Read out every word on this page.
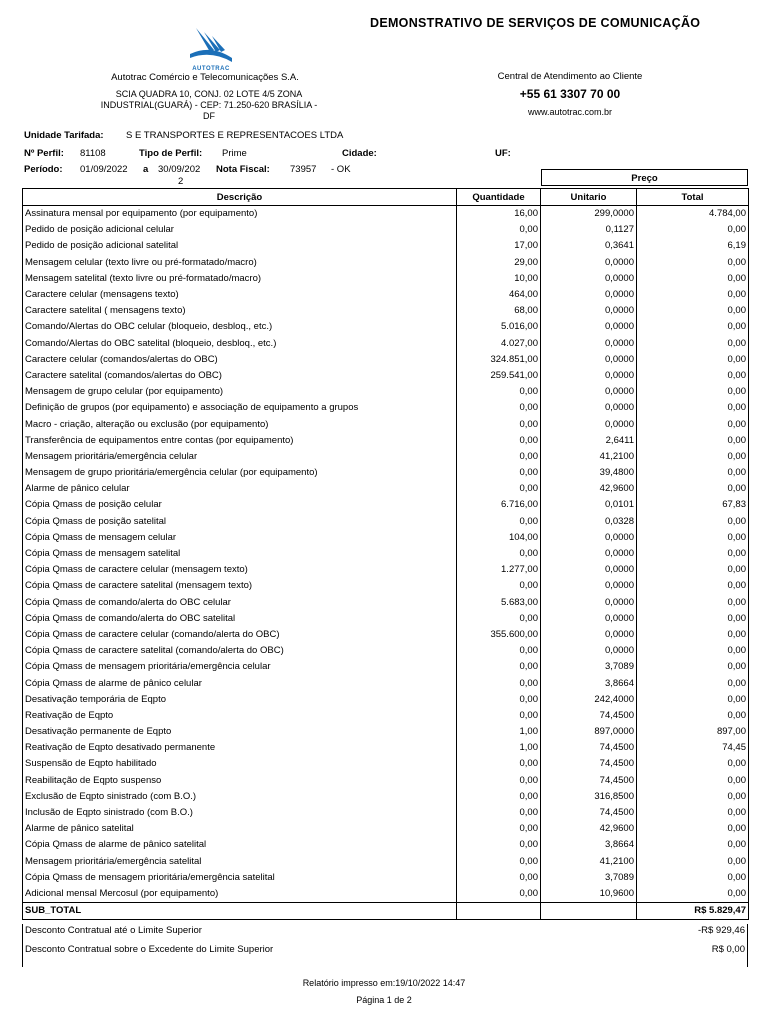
AUTOTRAC
DEMONSTRATIVO DE SERVIÇOS DE COMUNICAÇÃO
Autotrac Comércio e Telecomunicações S.A.
SCIA QUADRA 10, CONJ. 02 LOTE 4/5 ZONA
INDUSTRIAL(GUARÁ) - CEP: 71.250-620 BRASÍLIA -
DF
Central de Atendimento ao Cliente
+55 61 3307 70 00
www.autotrac.com.br
Unidade Tarifada: S E TRANSPORTES E REPRESENTACOES LTDA
Nº Perfil: 81108	Tipo de Perfil: Prime	Cidade:	UF:
Período: 01/09/2022 a 30/09/202
2
Nota Fiscal: 73957 - OK
Preço
Descrição	Quantidade	Unitario	Total
Assinatura mensal por equipamento (por equipamento)	16,00	299,0000	4.784,00
Pedido de posição adicional celular	0,00	0,1127	0,00
Pedido de posição adicional satelital	17,00	0,3641	6,19
Mensagem celular (texto livre ou pré-formatado/macro)	29,00	0,0000	0,00
Mensagem satelital (texto livre ou pré-formatado/macro)	10,00	0,0000	0,00
Caractere celular (mensagens texto)	464,00	0,0000	0,00
Caractere satelital ( mensagens texto)	68,00	0,0000	0,00
Comando/Alertas do OBC celular (bloqueio, desbloq., etc.)	5.016,00	0,0000	0,00
Comando/Alertas do OBC satelital (bloqueio, desbloq., etc.)	4.027,00	0,0000	0,00
Caractere celular (comandos/alertas do OBC)	324.851,00	0,0000	0,00
Caractere satelital (comandos/alertas do OBC)	259.541,00	0,0000	0,00
Mensagem de grupo celular (por equipamento)	0,00	0,0000	0,00
Definição de grupos (por equipamento) e associação de equipamento a grupos	0,00	0,0000	0,00
Macro - criação, alteração ou exclusão (por equipamento)	0,00	0,0000	0,00
Transferência de equipamentos entre contas (por equipamento)	0,00	2,6411	0,00
Mensagem prioritária/emergência celular	0,00	41,2100	0,00
Mensagem de grupo prioritária/emergência celular (por equipamento)	0,00	39,4800	0,00
Alarme de pânico celular	0,00	42,9600	0,00
Cópia Qmass de posição celular	6.716,00	0,0101	67,83
Cópia Qmass de posição satelital	0,00	0,0328	0,00
Cópia Qmass de mensagem celular	104,00	0,0000	0,00
Cópia Qmass de mensagem satelital	0,00	0,0000	0,00
Cópia Qmass de caractere celular (mensagem texto)	1.277,00	0,0000	0,00
Cópia Qmass de caractere satelital (mensagem texto)	0,00	0,0000	0,00
Cópia Qmass de comando/alerta do OBC celular	5.683,00	0,0000	0,00
Cópia Qmass de comando/alerta do OBC satelital	0,00	0,0000	0,00
Cópia Qmass de caractere celular (comando/alerta do OBC)	355.600,00	0,0000	0,00
Cópia Qmass de caractere satelital (comando/alerta do OBC)	0,00	0,0000	0,00
Cópia Qmass de mensagem prioritária/emergência celular	0,00	3,7089	0,00
Cópia Qmass de alarme de pânico celular	0,00	3,8664	0,00
Desativação temporária de Eqpto	0,00	242,4000	0,00
Reativação de Eqpto	0,00	74,4500	0,00
Desativação permanente de Eqpto	1,00	897,0000	897,00
Reativação de Eqpto desativado permanente	1,00	74,4500	74,45
Suspensão de Eqpto habilitado	0,00	74,4500	0,00
Reabilitação de Eqpto suspenso	0,00	74,4500	0,00
Exclusão de Eqpto sinistrado (com B.O.)	0,00	316,8500	0,00
Inclusão de Eqpto sinistrado (com B.O.)	0,00	74,4500	0,00
Alarme de pânico satelital	0,00	42,9600	0,00
Cópia Qmass de alarme de pânico satelital	0,00	3,8664	0,00
Mensagem prioritária/emergência satelital	0,00	41,2100	0,00
Cópia Qmass de mensagem prioritária/emergência satelital	0,00	3,7089	0,00
Adicional mensal Mercosul (por equipamento)	0,00	10,9600	0,00
SUB_TOTAL			R$ 5.829,47
Desconto Contratual até o Limite Superior	-R$ 929,46
Desconto Contratual sobre o Excedente do Limite Superior	R$ 0,00
Relatório impresso em:19/10/2022 14:47
Página 1 de 2
